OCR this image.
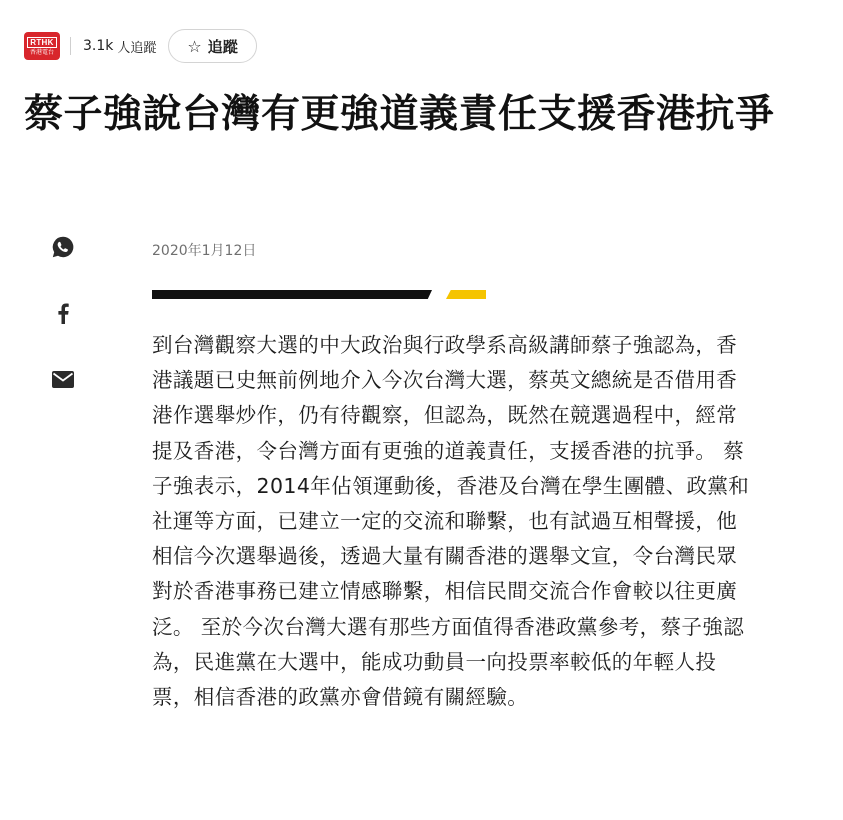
RTHK
香港電台 3.1k 人追蹤 ☆ 追蹤
蔡子強說台灣有更強道義責任支援香港抗爭
2020年1月12日

到台灣觀察大選的中大政治與行政學系高級講師蔡子強認為，香港議題已史無前例地介入今次台灣大選，蔡英文總統是否借用香港作選舉炒作，仍有待觀察，但認為，既然在競選過程中，經常提及香港，令台灣方面有更強的道義責任，支援香港的抗爭。 蔡子強表示，2014年佔領運動後，香港及台灣在學生團體、政黨和社運等方面，已建立一定的交流和聯繫，也有試過互相聲援，他相信今次選舉過後，透過大量有關香港的選舉文宣，令台灣民眾對於香港事務已建立情感聯繫，相信民間交流合作會較以往更廣泛。 至於今次台灣大選有那些方面值得香港政黨參考，蔡子強認為，民進黨在大選中，能成功動員一向投票率較低的年輕人投票，相信香港的政黨亦會借鏡有關經驗。
